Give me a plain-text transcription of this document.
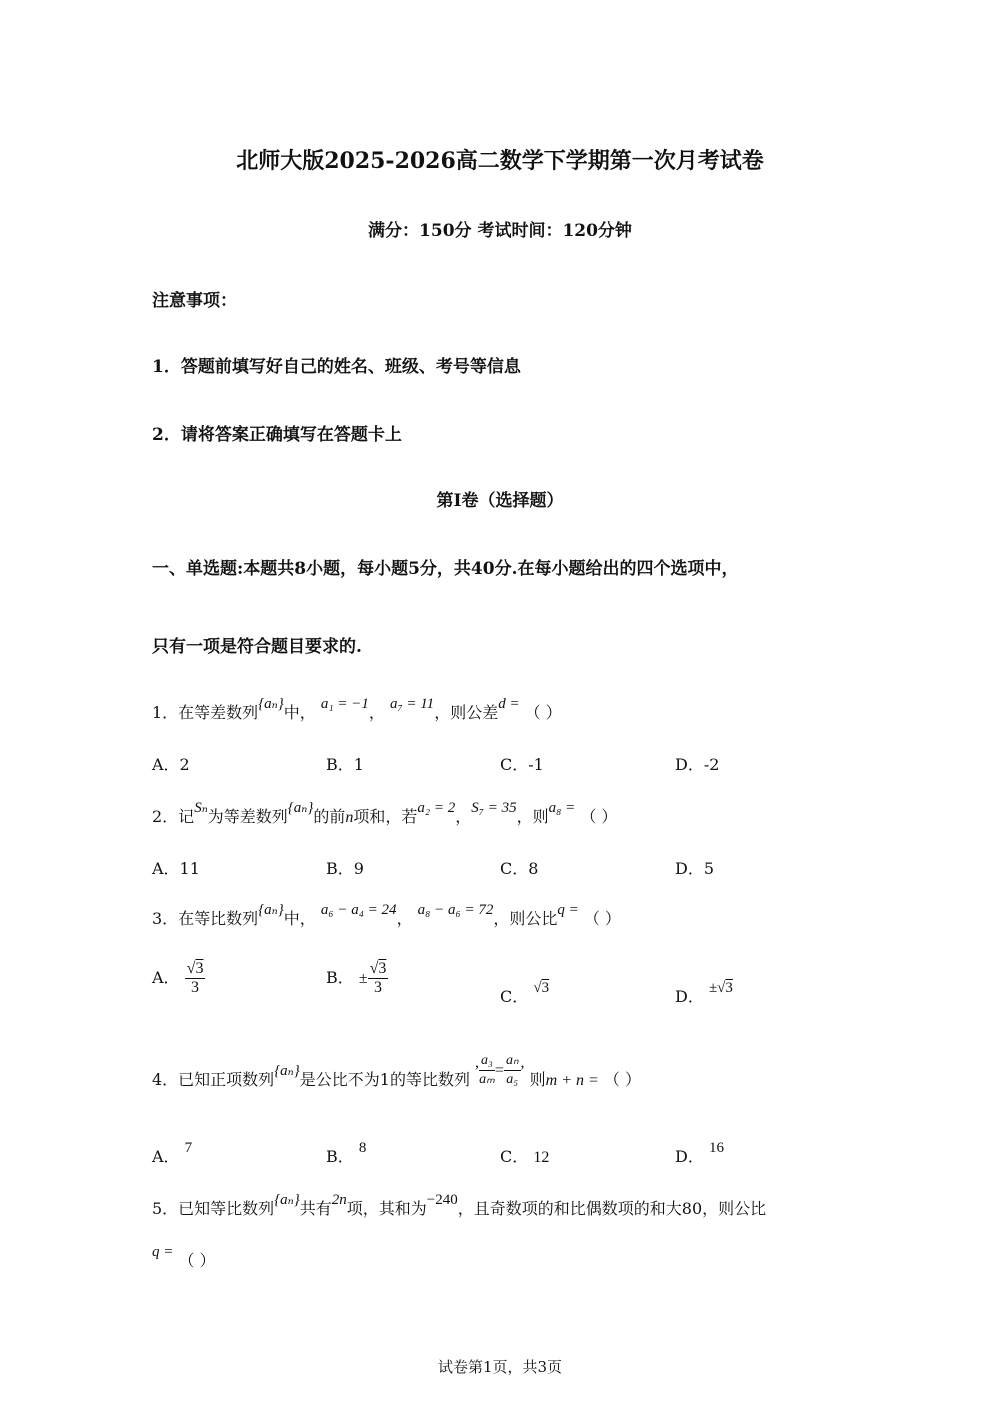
北师大版2025-2026高二数学下学期第一次月考试卷
满分：150分 考试时间：120分钟
注意事项：
1．答题前填写好自己的姓名、班级、考号等信息
2．请将答案正确填写在答题卡上
第I卷（选择题）
一、单选题:本题共8小题，每小题5分，共40分.在每小题给出的四个选项中，
只有一项是符合题目要求的.
1．在等差数列{aₙ}中， a₁ = −1， a₇ = 11，则公差d = （ ）
A．2	B．1	C．-1	D．-2
2．记Sₙ为等差数列{aₙ}的前n项和，若a₂ = 2，S₇ = 35，则a₈ = （ ）
A．11	B．9	C．8	D．5
3．在等比数列{aₙ}中， a₆ − a₄ = 24， a₈ − a₆ = 72，则公比q = （ ）
A． $\frac{√3}{3}$	B． ± $\frac{√3}{3}$	C． √3	D． ±√3
4．已知正项数列{aₙ}是公比不为1的等比数列 , $\frac{\text{a₃}}{\text{aₘ}} = \frac{\text{aₙ}}{\text{a₅}}$ , 则m + n = （ ）
A． 7	B． 8	C． 12	D． 16
5．已知等比数列{aₙ}共有2n项，其和为−240，且奇数项的和比偶数项的和大80，则公比
q = （ ）
试卷第1页，共3页
